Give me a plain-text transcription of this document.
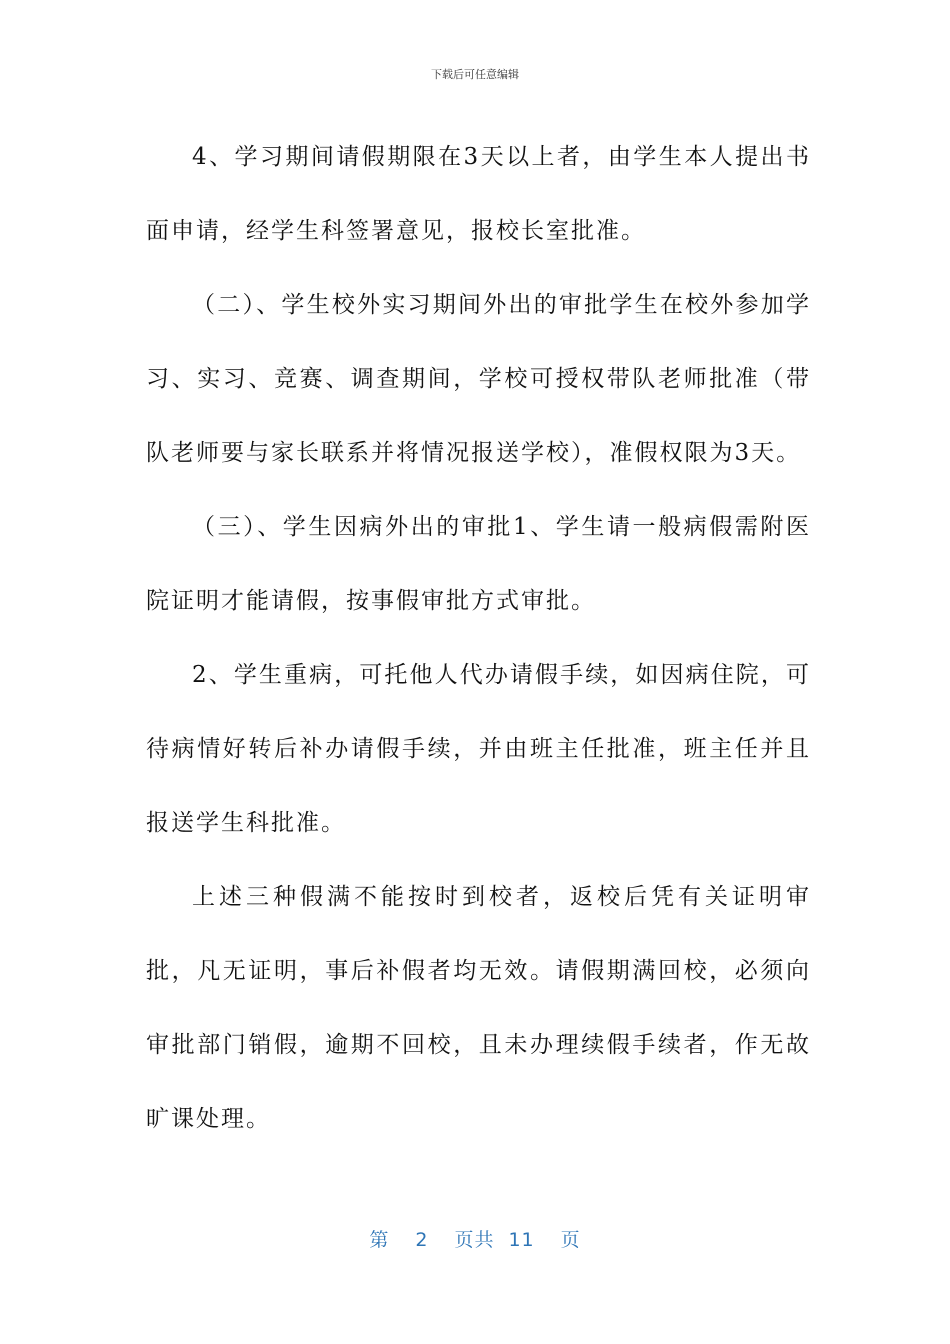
下载后可任意编辑

4、学习期间请假期限在3天以上者，由学生本人提出书面申请，经学生科签署意见，报校长室批准。

（二）、学生校外实习期间外出的审批学生在校外参加学习、实习、竞赛、调查期间，学校可授权带队老师批准（带队老师要与家长联系并将情况报送学校），准假权限为3天。

（三）、学生因病外出的审批1、学生请一般病假需附医院证明才能请假，按事假审批方式审批。

2、学生重病，可托他人代办请假手续，如因病住院，可待病情好转后补办请假手续，并由班主任批准，班主任并且报送学生科批准。

上述三种假满不能按时到校者，返校后凭有关证明审批，凡无证明，事后补假者均无效。请假期满回校，必须向审批部门销假，逾期不回校，且未办理续假手续者，作无故旷课处理。

第 2 页共 11 页
